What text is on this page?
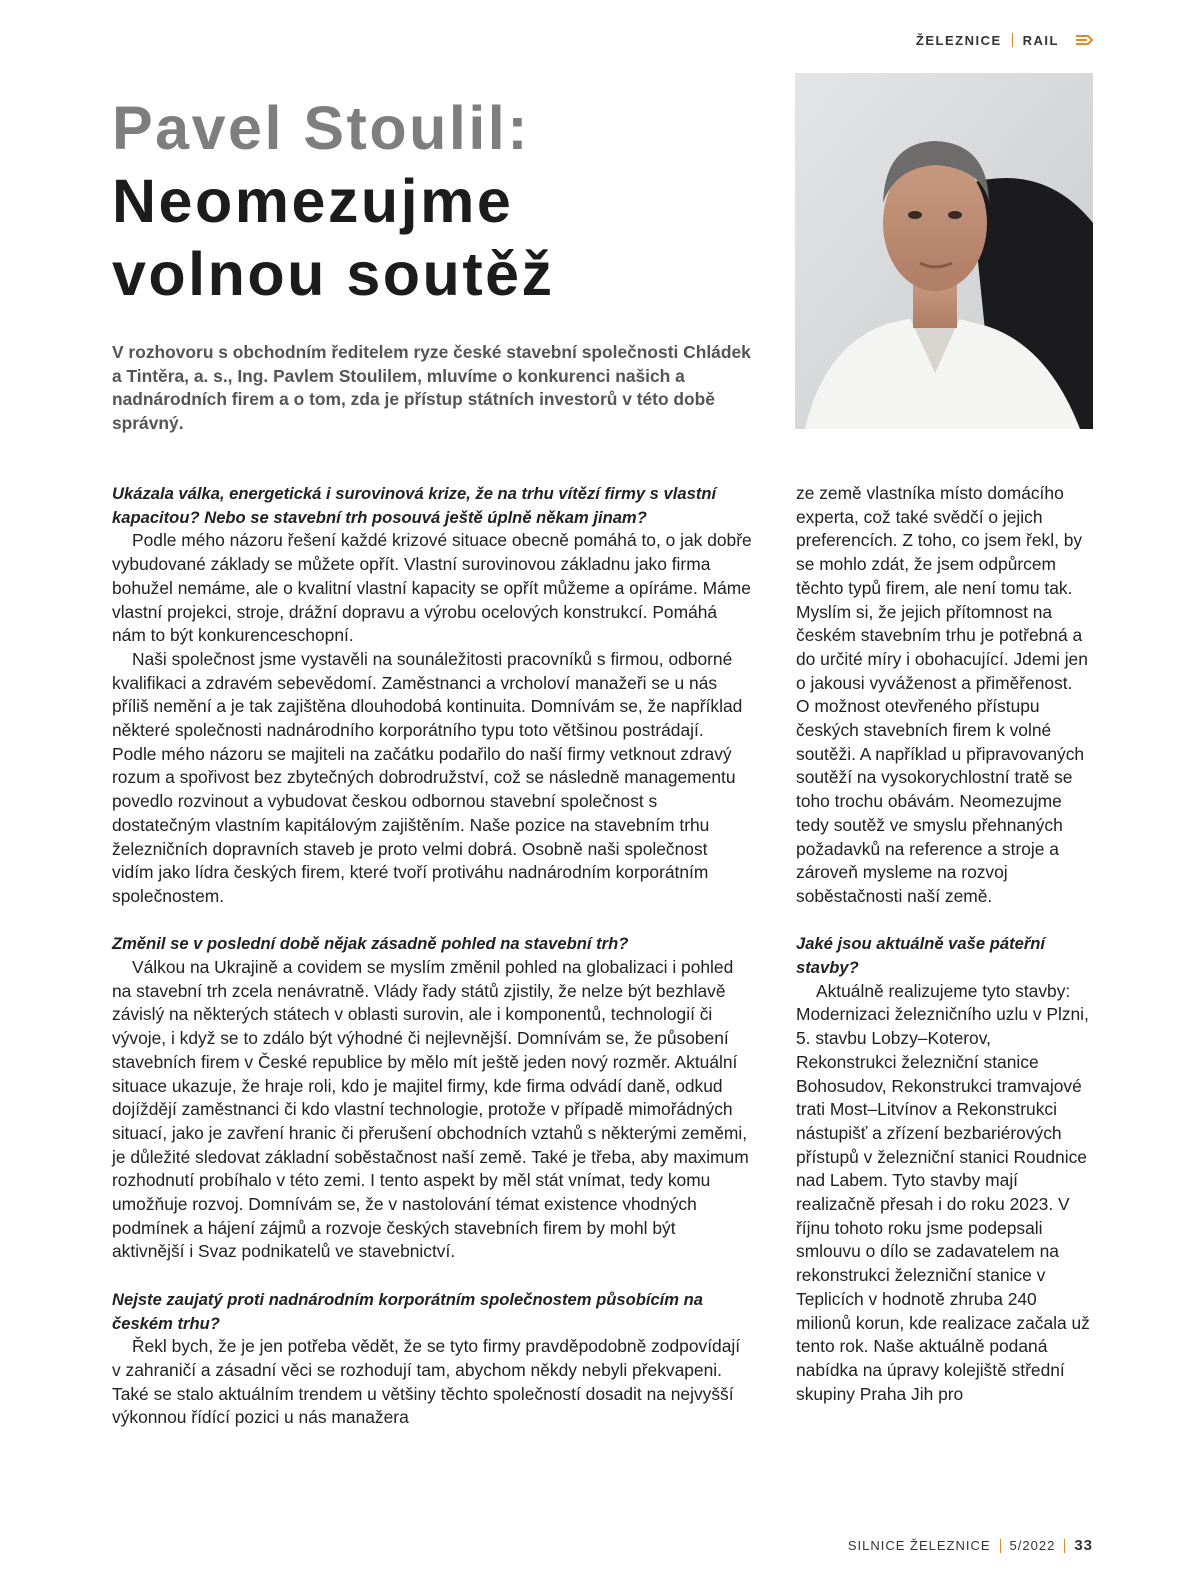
ŽELEZNICE RAIL
Pavel Stoulil:
Neomezujme
volnou soutěž

V rozhovoru s obchodním ředitelem ryze české stavební společnosti Chládek a Tintěra, a. s., Ing. Pavlem Stoulilem, mluvíme o konkurenci našich a nadnárodních firem a o tom, zda je přístup státních investorů v této době správný.

Ukázala válka, energetická i surovinová krize, že na trhu vítězí firmy s vlastní kapacitou? Nebo se stavební trh posouvá ještě úplně někam jinam?

Podle mého názoru řešení každé krizové situace obecně pomáhá to, o jak dobře vybudované základy se můžete opřít. Vlastní surovinovou základnu jako firma bohužel nemáme, ale o kvalitní vlastní kapacity se opřít můžeme a opíráme. Máme vlastní projekci, stroje, drážní dopravu a výrobu ocelových konstrukcí. Pomáhá nám to být konkurenceschopní.

Naši společnost jsme vystavěli na sounáležitosti pracovníků s firmou, odborné kvalifikaci a zdravém sebevědomí. Zaměstnanci a vrcholoví manažeři se u nás příliš nemění a je tak zajištěna dlouhodobá kontinuita. Domnívám se, že například některé společnosti nadnárodního korporátního typu toto většinou postrádají. Podle mého názoru se majiteli na začátku podařilo do naší firmy vetknout zdravý rozum a spořivost bez zbytečných dobrodružství, což se následně managementu povedlo rozvinout a vybudovat českou odbornou stavební společnost s dostatečným vlastním kapitálovým zajištěním. Naše pozice na stavebním trhu železničních dopravních staveb je proto velmi dobrá. Osobně naši společnost vidím jako lídra českých firem, které tvoří protiváhu nadnárodním korporátním společnostem.

Změnil se v poslední době nějak zásadně pohled na stavební trh?

Válkou na Ukrajině a covidem se myslím změnil pohled na globalizaci i pohled na stavební trh zcela nenávratně. Vlády řady států zjistily, že nelze být bezhlavě závislý na některých státech v oblasti surovin, ale i komponentů, technologií či vývoje, i když se to zdálo být výhodné či nejlevnější. Domnívám se, že působení stavebních firem v České republice by mělo mít ještě jeden nový rozměr. Aktuální situace ukazuje, že hraje roli, kdo je majitel firmy, kde firma odvádí daně, odkud dojíždějí zaměstnanci či kdo vlastní technologie, protože v případě mimořádných situací, jako je zavření hranic či přerušení obchodních vztahů s některými zeměmi, je důležité sledovat základní soběstačnost naší země. Také je třeba, aby maximum rozhodnutí probíhalo v této zemi. I tento aspekt by měl stát vnímat, tedy komu umožňuje rozvoj. Domnívám se, že v nastolování témat existence vhodných podmínek a hájení zájmů a rozvoje českých stavebních firem by mohl být aktivnější i Svaz podnikatelů ve stavebnictví.

Nejste zaujatý proti nadnárodním korporátním společnostem působícím na českém trhu?

Řekl bych, že je jen potřeba vědět, že se tyto firmy pravděpodobně zodpovídají v zahraničí a zásadní věci se rozhodují tam, abychom někdy nebyli překvapeni. Také se stalo aktuálním trendem u většiny těchto společností dosadit na nejvyšší výkonnou řídící pozici u nás manažera

ze země vlastníka místo domácího experta, což také svědčí o jejich preferencích. Z toho, co jsem řekl, by se mohlo zdát, že jsem odpůrcem těchto typů firem, ale není tomu tak. Myslím si, že jejich přítomnost na českém stavebním trhu je potřebná a do určité míry i obohacující. Jdemi jen o jakousi vyváženost a přiměřenost.

O možnost otevřeného přístupu českých stavebních firem k volné soutěži. A například u připravovaných soutěží na vysokorychlostní tratě se toho trochu obávám. Neomezujme tedy soutěž ve smyslu přehnaných požadavků na reference a stroje a zároveň mysleme na rozvoj soběstačnosti naší země.

Jaké jsou aktuálně vaše páteřní stavby?

Aktuálně realizujeme tyto stavby: Modernizaci železničního uzlu v Plzni, 5. stavbu Lobzy–Koterov, Rekonstrukci železniční stanice Bohosudov, Rekonstrukci tramvajové trati Most–Litvínov a Rekonstrukci nástupišť a zřízení bezbariérových přístupů v železniční stanici Roudnice nad Labem. Tyto stavby mají realizačně přesah i do roku 2023. V říjnu tohoto roku jsme podepsali smlouvu o dílo se zadavatelem na rekonstrukci železniční stanice v Teplicích v hodnotě zhruba 240 milionů korun, kde realizace začala už tento rok. Naše aktuálně podaná nabídka na úpravy kolejiště střední skupiny Praha Jih pro

SILNICE ŽELEZNICE 5/2022 33
